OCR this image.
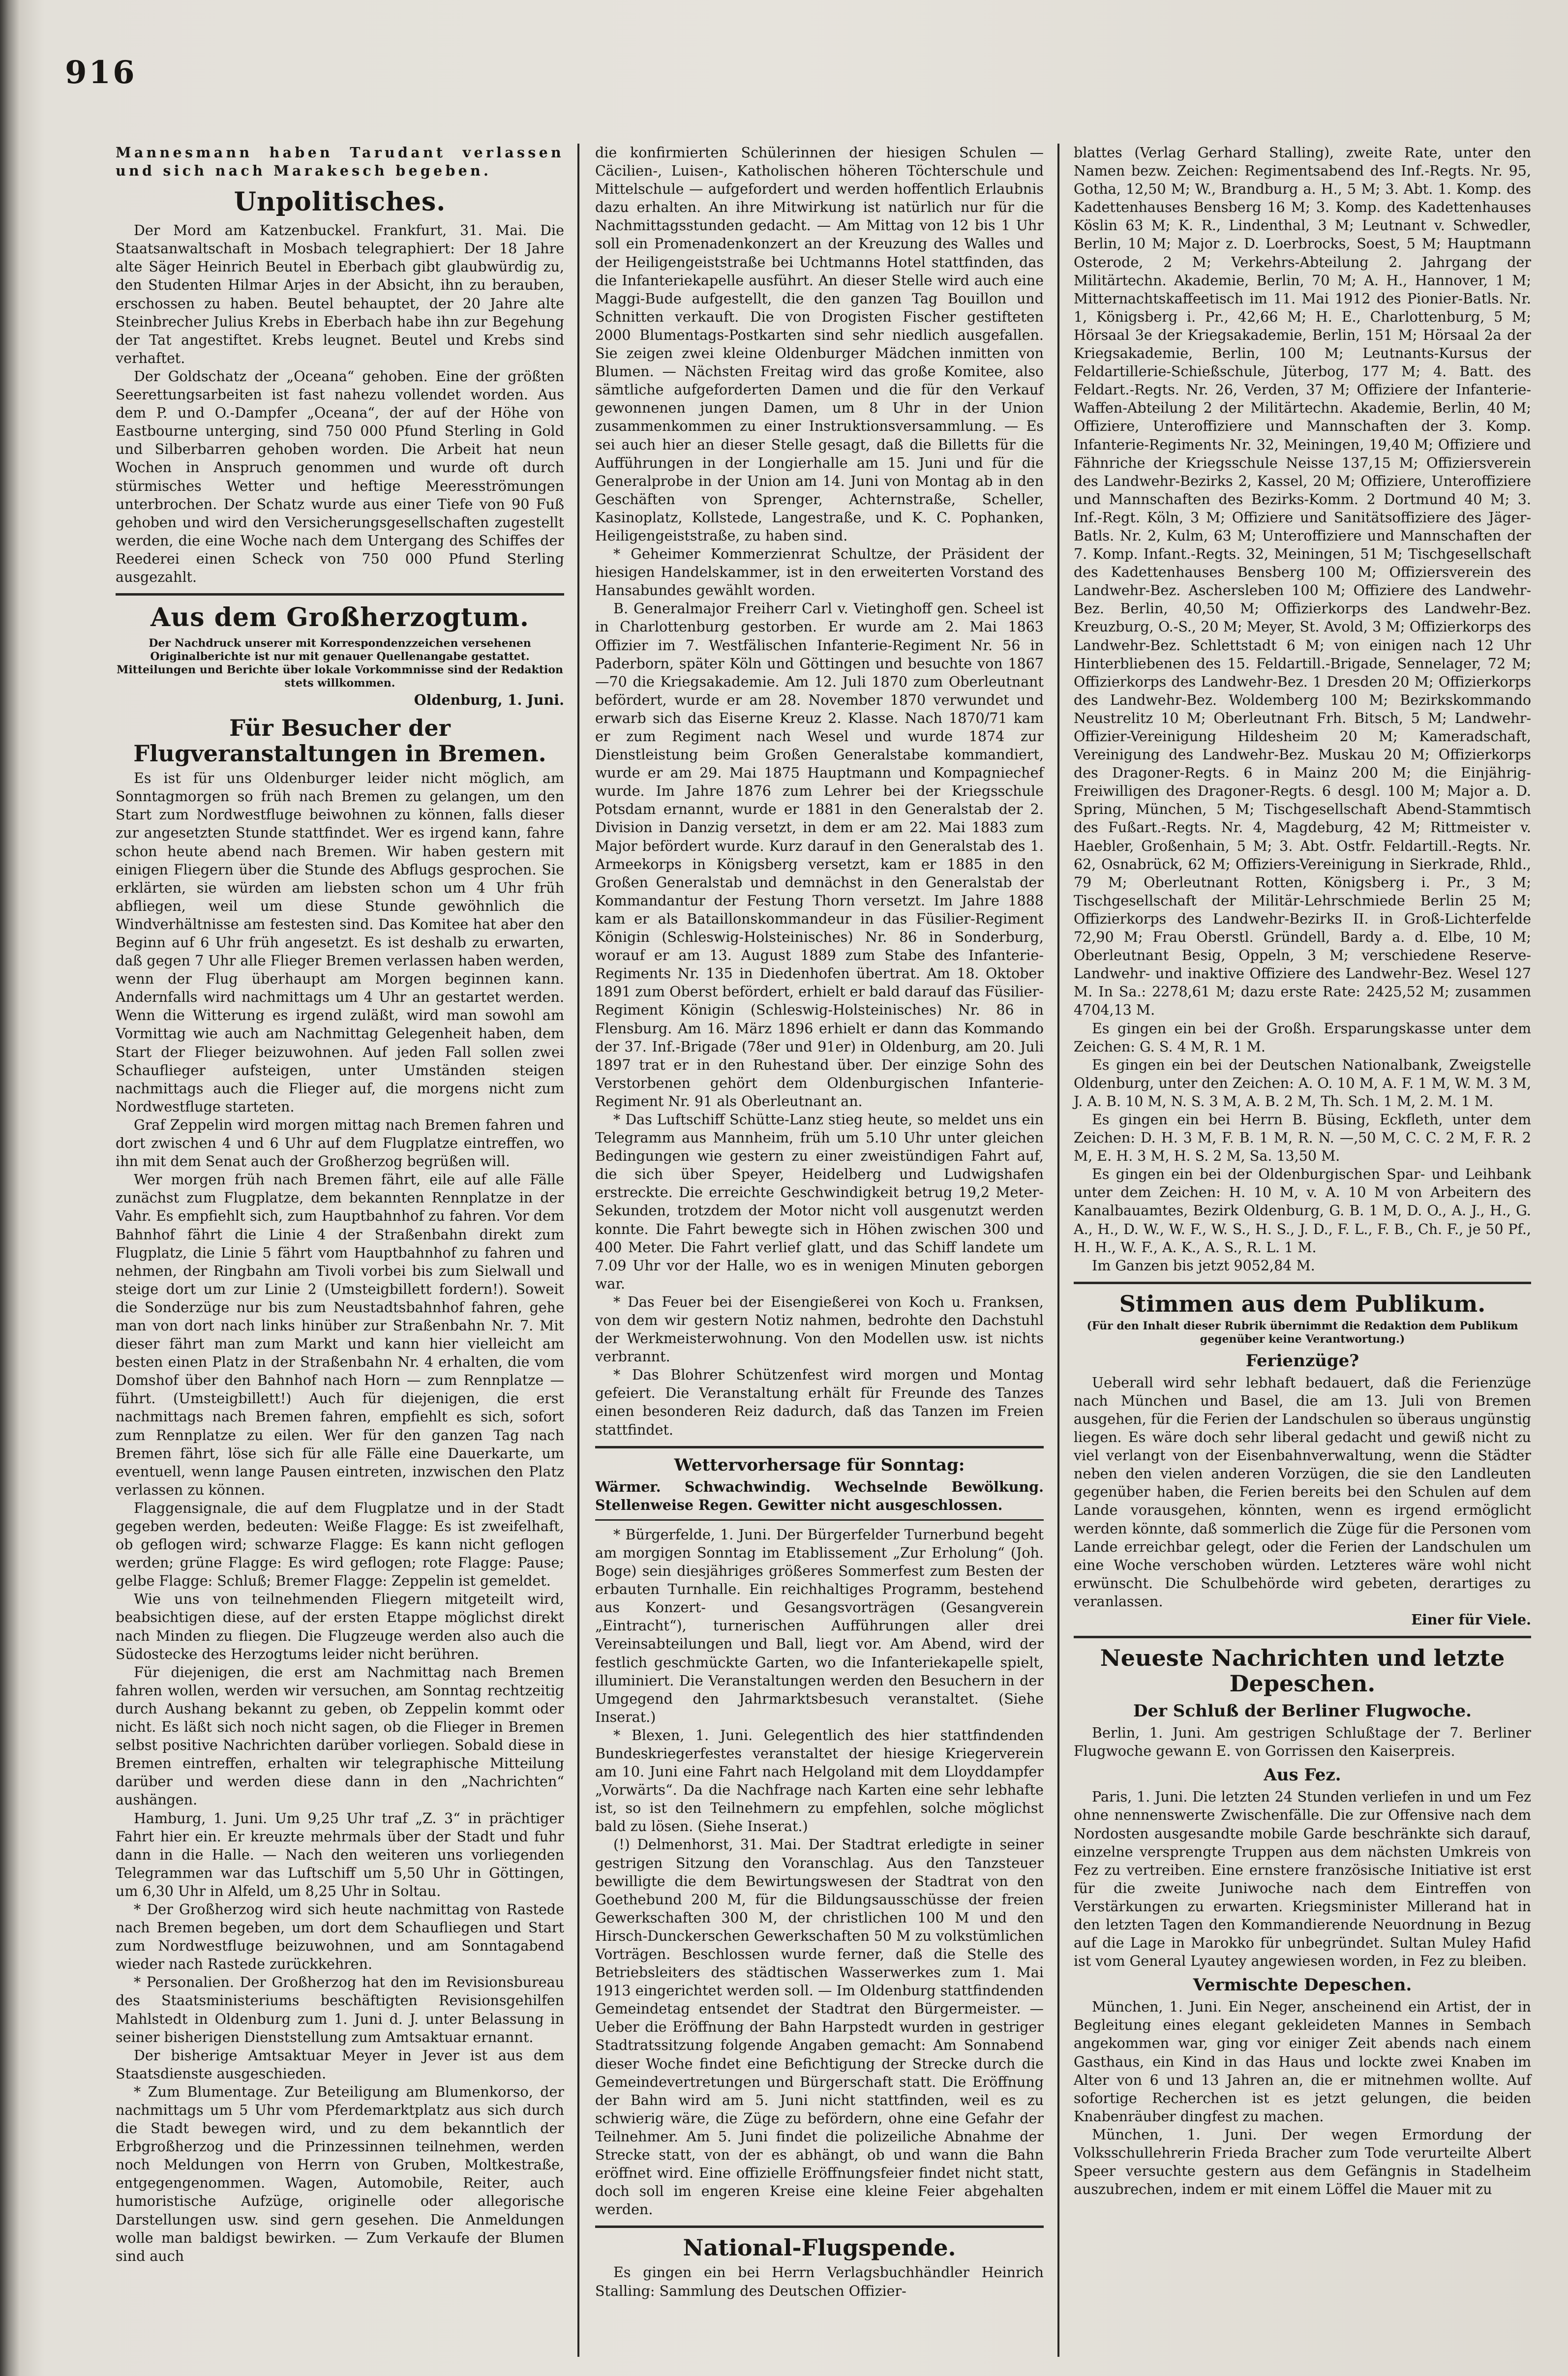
916

Mannesmann haben Tarudant verlassen und sich nach Marakesch begeben.

Unpolitisches.

Der Mord am Katzenbuckel. Frankfurt, 31. Mai. Die Staatsanwaltschaft in Mosbach telegraphiert: Der 18 Jahre alte Säger Heinrich Beutel in Eberbach gibt glaubwürdig zu, den Studenten Hilmar Arjes in der Absicht, ihn zu berauben, erschossen zu haben. Beutel behauptet, der 20 Jahre alte Steinbrecher Julius Krebs in Eberbach habe ihn zur Begehung der Tat angestiftet. Krebs leugnet. Beutel und Krebs sind verhaftet.

Der Goldschatz der „Oceana“ gehoben. Eine der größten Seerettungsarbeiten ist fast nahezu vollendet worden. Aus dem P. und O.-Dampfer „Oceana“, der auf der Höhe von Eastbourne unterging, sind 750 000 Pfund Sterling in Gold und Silberbarren gehoben worden. Die Arbeit hat neun Wochen in Anspruch genommen und wurde oft durch stürmisches Wetter und heftige Meeresströmungen unterbrochen. Der Schatz wurde aus einer Tiefe von 90 Fuß gehoben und wird den Versicherungsgesellschaften zugestellt werden, die eine Woche nach dem Untergang des Schiffes der Reederei einen Scheck von 750 000 Pfund Sterling ausgezahlt.

Aus dem Großherzogtum.

Der Nachdruck unserer mit Korrespondenzzeichen versehenen Originalberichte ist nur mit genauer Quellenangabe gestattet. Mitteilungen und Berichte über lokale Vorkommnisse sind der Redaktion stets willkommen.

Oldenburg, 1. Juni.

Für Besucher der Flugveranstaltungen in Bremen.

Es ist für uns Oldenburger leider nicht möglich, am Sonntagmorgen so früh nach Bremen zu gelangen, um den Start zum Nordwestfluge beiwohnen zu können, falls dieser zur angesetzten Stunde stattfindet. Wer es irgend kann, fahre schon heute abend nach Bremen. Wir haben gestern mit einigen Fliegern über die Stunde des Abflugs gesprochen. Sie erklärten, sie würden am liebsten schon um 4 Uhr früh abfliegen, weil um diese Stunde gewöhnlich die Windverhältnisse am festesten sind. Das Komitee hat aber den Beginn auf 6 Uhr früh angesetzt. Es ist deshalb zu erwarten, daß gegen 7 Uhr alle Flieger Bremen verlassen haben werden, wenn der Flug überhaupt am Morgen beginnen kann. Andernfalls wird nachmittags um 4 Uhr an gestartet werden. Wenn die Witterung es irgend zuläßt, wird man sowohl am Vormittag wie auch am Nachmittag Gelegenheit haben, dem Start der Flieger beizuwohnen. Auf jeden Fall sollen zwei Schauflieger aufsteigen, unter Umständen steigen nachmittags auch die Flieger auf, die morgens nicht zum Nordwestfluge starteten.

Graf Zeppelin wird morgen mittag nach Bremen fahren und dort zwischen 4 und 6 Uhr auf dem Flugplatze eintreffen, wo ihn mit dem Senat auch der Großherzog begrüßen will.

Wer morgen früh nach Bremen fährt, eile auf alle Fälle zunächst zum Flugplatze, dem bekannten Rennplatze in der Vahr. Es empfiehlt sich, zum Hauptbahnhof zu fahren. Vor dem Bahnhof fährt die Linie 4 der Straßenbahn direkt zum Flugplatz, die Linie 5 fährt vom Hauptbahnhof zu fahren und nehmen, der Ringbahn am Tivoli vorbei bis zum Sielwall und steige dort um zur Linie 2 (Umsteigbillett fordern!). Soweit die Sonderzüge nur bis zum Neustadtsbahnhof fahren, gehe man von dort nach links hinüber zur Straßenbahn Nr. 7. Mit dieser fährt man zum Markt und kann hier vielleicht am besten einen Platz in der Straßenbahn Nr. 4 erhalten, die vom Domshof über den Bahnhof nach Horn — zum Rennplatze — führt. (Umsteigbillett!) Auch für diejenigen, die erst nachmittags nach Bremen fahren, empfiehlt es sich, sofort zum Rennplatze zu eilen. Wer für den ganzen Tag nach Bremen fährt, löse sich für alle Fälle eine Dauerkarte, um eventuell, wenn lange Pausen eintreten, inzwischen den Platz verlassen zu können.

Flaggensignale, die auf dem Flugplatze und in der Stadt gegeben werden, bedeuten: Weiße Flagge: Es ist zweifelhaft, ob geflogen wird; schwarze Flagge: Es kann nicht geflogen werden; grüne Flagge: Es wird geflogen; rote Flagge: Pause; gelbe Flagge: Schluß; Bremer Flagge: Zeppelin ist gemeldet.

Wie uns von teilnehmenden Fliegern mitgeteilt wird, beabsichtigen diese, auf der ersten Etappe möglichst direkt nach Minden zu fliegen. Die Flugzeuge werden also auch die Südostecke des Herzogtums leider nicht berühren.

Für diejenigen, die erst am Nachmittag nach Bremen fahren wollen, werden wir versuchen, am Sonntag rechtzeitig durch Aushang bekannt zu geben, ob Zeppelin kommt oder nicht. Es läßt sich noch nicht sagen, ob die Flieger in Bremen selbst positive Nachrichten darüber vorliegen. Sobald diese in Bremen eintreffen, erhalten wir telegraphische Mitteilung darüber und werden diese dann in den „Nachrichten“ aushängen.

Hamburg, 1. Juni. Um 9,25 Uhr traf „Z. 3“ in prächtiger Fahrt hier ein. Er kreuzte mehrmals über der Stadt und fuhr dann in die Halle. — Nach den weiteren uns vorliegenden Telegrammen war das Luftschiff um 5,50 Uhr in Göttingen, um 6,30 Uhr in Alfeld, um 8,25 Uhr in Soltau.

* Der Großherzog wird sich heute nachmittag von Rastede nach Bremen begeben, um dort dem Schaufliegen und Start zum Nordwestfluge beizuwohnen, und am Sonntagabend wieder nach Rastede zurückkehren.

* Personalien. Der Großherzog hat den im Revisionsbureau des Staatsministeriums beschäftigten Revisionsgehilfen Mahlstedt in Oldenburg zum 1. Juni d. J. unter Belassung in seiner bisherigen Dienststellung zum Amtsaktuar ernannt.

Der bisherige Amtsaktuar Meyer in Jever ist aus dem Staatsdienste ausgeschieden.

* Zum Blumentage. Zur Beteiligung am Blumenkorso, der nachmittags um 5 Uhr vom Pferdemarktplatz aus sich durch die Stadt bewegen wird, und zu dem bekanntlich der Erbgroßherzog und die Prinzessinnen teilnehmen, werden noch Meldungen von Herrn von Gruben, Moltkestraße, entgegengenommen. Wagen, Automobile, Reiter, auch humoristische Aufzüge, originelle oder allegorische Darstellungen usw. sind gern gesehen. Die Anmeldungen wolle man baldigst bewirken. — Zum Verkaufe der Blumen sind auch

die konfirmierten Schülerinnen der hiesigen Schulen — Cäcilien-, Luisen-, Katholischen höheren Töchterschule und Mittelschule — aufgefordert und werden hoffentlich Erlaubnis dazu erhalten. An ihre Mitwirkung ist natürlich nur für die Nachmittagsstunden gedacht. — Am Mittag von 12 bis 1 Uhr soll ein Promenadenkonzert an der Kreuzung des Walles und der Heiligengeiststraße bei Uchtmanns Hotel stattfinden, das die Infanteriekapelle ausführt. An dieser Stelle wird auch eine Maggi-Bude aufgestellt, die den ganzen Tag Bouillon und Schnitten verkauft. Die von Drogisten Fischer gestifteten 2000 Blumentags-Postkarten sind sehr niedlich ausgefallen. Sie zeigen zwei kleine Oldenburger Mädchen inmitten von Blumen. — Nächsten Freitag wird das große Komitee, also sämtliche aufgeforderten Damen und die für den Verkauf gewonnenen jungen Damen, um 8 Uhr in der Union zusammenkommen zu einer Instruktionsversammlung. — Es sei auch hier an dieser Stelle gesagt, daß die Billetts für die Aufführungen in der Longierhalle am 15. Juni und für die Generalprobe in der Union am 14. Juni von Montag ab in den Geschäften von Sprenger, Achternstraße, Scheller, Kasinoplatz, Kollstede, Langestraße, und K. C. Pophanken, Heiligengeiststraße, zu haben sind.

* Geheimer Kommerzienrat Schultze, der Präsident der hiesigen Handelskammer, ist in den erweiterten Vorstand des Hansabundes gewählt worden.

B. Generalmajor Freiherr Carl v. Vietinghoff gen. Scheel ist in Charlottenburg gestorben. Er wurde am 2. Mai 1863 Offizier im 7. Westfälischen Infanterie-Regiment Nr. 56 in Paderborn, später Köln und Göttingen und besuchte von 1867—70 die Kriegsakademie. Am 12. Juli 1870 zum Oberleutnant befördert, wurde er am 28. November 1870 verwundet und erwarb sich das Eiserne Kreuz 2. Klasse. Nach 1870/71 kam er zum Regiment nach Wesel und wurde 1874 zur Dienstleistung beim Großen Generalstabe kommandiert, wurde er am 29. Mai 1875 Hauptmann und Kompagniechef wurde. Im Jahre 1876 zum Lehrer bei der Kriegsschule Potsdam ernannt, wurde er 1881 in den Generalstab der 2. Division in Danzig versetzt, in dem er am 22. Mai 1883 zum Major befördert wurde. Kurz darauf in den Generalstab des 1. Armeekorps in Königsberg versetzt, kam er 1885 in den Großen Generalstab und demnächst in den Generalstab der Kommandantur der Festung Thorn versetzt. Im Jahre 1888 kam er als Bataillonskommandeur in das Füsilier-Regiment Königin (Schleswig-Holsteinisches) Nr. 86 in Sonderburg, worauf er am 13. August 1889 zum Stabe des Infanterie-Regiments Nr. 135 in Diedenhofen übertrat. Am 18. Oktober 1891 zum Oberst befördert, erhielt er bald darauf das Füsilier-Regiment Königin (Schleswig-Holsteinisches) Nr. 86 in Flensburg. Am 16. März 1896 erhielt er dann das Kommando der 37. Inf.-Brigade (78er und 91er) in Oldenburg, am 20. Juli 1897 trat er in den Ruhestand über. Der einzige Sohn des Verstorbenen gehört dem Oldenburgischen Infanterie-Regiment Nr. 91 als Oberleutnant an.

* Das Luftschiff Schütte-Lanz stieg heute, so meldet uns ein Telegramm aus Mannheim, früh um 5.10 Uhr unter gleichen Bedingungen wie gestern zu einer zweistündigen Fahrt auf, die sich über Speyer, Heidelberg und Ludwigshafen erstreckte. Die erreichte Geschwindigkeit betrug 19,2 Meter-Sekunden, trotzdem der Motor nicht voll ausgenutzt werden konnte. Die Fahrt bewegte sich in Höhen zwischen 300 und 400 Meter. Die Fahrt verlief glatt, und das Schiff landete um 7.09 Uhr vor der Halle, wo es in wenigen Minuten geborgen war.

* Das Feuer bei der Eisengießerei von Koch u. Franksen, von dem wir gestern Notiz nahmen, bedrohte den Dachstuhl der Werkmeisterwohnung. Von den Modellen usw. ist nichts verbrannt.

* Das Blohrer Schützenfest wird morgen und Montag gefeiert. Die Veranstaltung erhält für Freunde des Tanzes einen besonderen Reiz dadurch, daß das Tanzen im Freien stattfindet.

Wettervorhersage für Sonntag:

Wärmer. Schwachwindig. Wechselnde Bewölkung. Stellenweise Regen. Gewitter nicht ausgeschlossen.

* Bürgerfelde, 1. Juni. Der Bürgerfelder Turnerbund begeht am morgigen Sonntag im Etablissement „Zur Erholung“ (Joh. Boge) sein diesjähriges größeres Sommerfest zum Besten der erbauten Turnhalle. Ein reichhaltiges Programm, bestehend aus Konzert- und Gesangsvorträgen (Gesangverein „Eintracht“), turnerischen Aufführungen aller drei Vereinsabteilungen und Ball, liegt vor. Am Abend, wird der festlich geschmückte Garten, wo die Infanteriekapelle spielt, illuminiert. Die Veranstaltungen werden den Besuchern in der Umgegend den Jahrmarktsbesuch veranstaltet. (Siehe Inserat.)

* Blexen, 1. Juni. Gelegentlich des hier stattfindenden Bundeskriegerfestes veranstaltet der hiesige Kriegerverein am 10. Juni eine Fahrt nach Helgoland mit dem Lloyddampfer „Vorwärts“. Da die Nachfrage nach Karten eine sehr lebhafte ist, so ist den Teilnehmern zu empfehlen, solche möglichst bald zu lösen. (Siehe Inserat.)

(!) Delmenhorst, 31. Mai. Der Stadtrat erledigte in seiner gestrigen Sitzung den Voranschlag. Aus den Tanzsteuer bewilligte die dem Bewirtungswesen der Stadtrat von den Goethebund 200 M, für die Bildungsausschüsse der freien Gewerkschaften 300 M, der christlichen 100 M und den Hirsch-Dunckerschen Gewerkschaften 50 M zu volkstümlichen Vorträgen. Beschlossen wurde ferner, daß die Stelle des Betriebsleiters des städtischen Wasserwerkes zum 1. Mai 1913 eingerichtet werden soll. — Im Oldenburg stattfindenden Gemeindetag entsendet der Stadtrat den Bürgermeister. — Ueber die Eröffnung der Bahn Harpstedt wurden in gestriger Stadtratssitzung folgende Angaben gemacht: Am Sonnabend dieser Woche findet eine Befichtigung der Strecke durch die Gemeindevertretungen und Bürgerschaft statt. Die Eröffnung der Bahn wird am 5. Juni nicht stattfinden, weil es zu schwierig wäre, die Züge zu befördern, ohne eine Gefahr der Teilnehmer. Am 5. Juni findet die polizeiliche Abnahme der Strecke statt, von der es abhängt, ob und wann die Bahn eröffnet wird. Eine offizielle Eröffnungsfeier findet nicht statt, doch soll im engeren Kreise eine kleine Feier abgehalten werden.

National-Flugspende.

Es gingen ein bei Herrn Verlagsbuchhändler Heinrich Stalling: Sammlung des Deutschen Offizier-

blattes (Verlag Gerhard Stalling), zweite Rate, unter den Namen bezw. Zeichen: Regimentsabend des Inf.-Regts. Nr. 95, Gotha, 12,50 M; W., Brandburg a. H., 5 M; 3. Abt. 1. Komp. des Kadettenhauses Bensberg 16 M; 3. Komp. des Kadettenhauses Köslin 63 M; K. R., Lindenthal, 3 M; Leutnant v. Schwedler, Berlin, 10 M; Major z. D. Loerbrocks, Soest, 5 M; Hauptmann Osterode, 2 M; Verkehrs-Abteilung 2. Jahrgang der Militärtechn. Akademie, Berlin, 70 M; A. H., Hannover, 1 M; Mitternachtskaffeetisch im 11. Mai 1912 des Pionier-Batls. Nr. 1, Königsberg i. Pr., 42,66 M; H. E., Charlottenburg, 5 M; Hörsaal 3e der Kriegsakademie, Berlin, 151 M; Hörsaal 2a der Kriegsakademie, Berlin, 100 M; Leutnants-Kursus der Feldartillerie-Schießschule, Jüterbog, 177 M; 4. Batt. des Feldart.-Regts. Nr. 26, Verden, 37 M; Offiziere der Infanterie-Waffen-Abteilung 2 der Militärtechn. Akademie, Berlin, 40 M; Offiziere, Unteroffiziere und Mannschaften der 3. Komp. Infanterie-Regiments Nr. 32, Meiningen, 19,40 M; Offiziere und Fähnriche der Kriegsschule Neisse 137,15 M; Offiziersverein des Landwehr-Bezirks 2, Kassel, 20 M; Offiziere, Unteroffiziere und Mannschaften des Bezirks-Komm. 2 Dortmund 40 M; 3. Inf.-Regt. Köln, 3 M; Offiziere und Sanitätsoffiziere des Jäger-Batls. Nr. 2, Kulm, 63 M; Unteroffiziere und Mannschaften der 7. Komp. Infant.-Regts. 32, Meiningen, 51 M; Tischgesellschaft des Kadettenhauses Bensberg 100 M; Offiziersverein des Landwehr-Bez. Aschersleben 100 M; Offiziere des Landwehr-Bez. Berlin, 40,50 M; Offizierkorps des Landwehr-Bez. Kreuzburg, O.-S., 20 M; Meyer, St. Avold, 3 M; Offizierkorps des Landwehr-Bez. Schlettstadt 6 M; von einigen nach 12 Uhr Hinterbliebenen des 15. Feldartill.-Brigade, Sennelager, 72 M; Offizierkorps des Landwehr-Bez. 1 Dresden 20 M; Offizierkorps des Landwehr-Bez. Woldemberg 100 M; Bezirkskommando Neustrelitz 10 M; Oberleutnant Frh. Bitsch, 5 M; Landwehr-Offizier-Vereinigung Hildesheim 20 M; Kameradschaft, Vereinigung des Landwehr-Bez. Muskau 20 M; Offizierkorps des Dragoner-Regts. 6 in Mainz 200 M; die Einjährig-Freiwilligen des Dragoner-Regts. 6 desgl. 100 M; Major a. D. Spring, München, 5 M; Tischgesellschaft Abend-Stammtisch des Fußart.-Regts. Nr. 4, Magdeburg, 42 M; Rittmeister v. Haebler, Großenhain, 5 M; 3. Abt. Ostfr. Feldartill.-Regts. Nr. 62, Osnabrück, 62 M; Offiziers-Vereinigung in Sierkrade, Rhld., 79 M; Oberleutnant Rotten, Königsberg i. Pr., 3 M; Tischgesellschaft der Militär-Lehrschmiede Berlin 25 M; Offizierkorps des Landwehr-Bezirks II. in Groß-Lichterfelde 72,90 M; Frau Oberstl. Gründell, Bardy a. d. Elbe, 10 M; Oberleutnant Besig, Oppeln, 3 M; verschiedene Reserve-Landwehr- und inaktive Offiziere des Landwehr-Bez. Wesel 127 M. In Sa.: 2278,61 M; dazu erste Rate: 2425,52 M; zusammen 4704,13 M.

Es gingen ein bei der Großh. Ersparungskasse unter dem Zeichen: G. S. 4 M, R. 1 M.

Es gingen ein bei der Deutschen Nationalbank, Zweigstelle Oldenburg, unter den Zeichen: A. O. 10 M, A. F. 1 M, W. M. 3 M, J. A. B. 10 M, N. S. 3 M, A. B. 2 M, Th. Sch. 1 M, 2. M. 1 M.

Es gingen ein bei Herrn B. Büsing, Eckfleth, unter dem Zeichen: D. H. 3 M, F. B. 1 M, R. N. —,50 M, C. C. 2 M, F. R. 2 M, E. H. 3 M, H. S. 2 M, Sa. 13,50 M.

Es gingen ein bei der Oldenburgischen Spar- und Leihbank unter dem Zeichen: H. 10 M, v. A. 10 M von Arbeitern des Kanalbauamtes, Bezirk Oldenburg, G. B. 1 M, D. O., A. J., H., G. A., H., D. W., W. F., W. S., H. S., J. D., F. L., F. B., Ch. F., je 50 Pf., H. H., W. F., A. K., A. S., R. L. 1 M.

Im Ganzen bis jetzt 9052,84 M.

Stimmen aus dem Publikum.

(Für den Inhalt dieser Rubrik übernimmt die Redaktion dem Publikum gegenüber keine Verantwortung.)

Ferienzüge?

Ueberall wird sehr lebhaft bedauert, daß die Ferienzüge nach München und Basel, die am 13. Juli von Bremen ausgehen, für die Ferien der Landschulen so überaus ungünstig liegen. Es wäre doch sehr liberal gedacht und gewiß nicht zu viel verlangt von der Eisenbahnverwaltung, wenn die Städter neben den vielen anderen Vorzügen, die sie den Landleuten gegenüber haben, die Ferien bereits bei den Schulen auf dem Lande vorausgehen, könnten, wenn es irgend ermöglicht werden könnte, daß sommerlich die Züge für die Personen vom Lande erreichbar gelegt, oder die Ferien der Landschulen um eine Woche verschoben würden. Letzteres wäre wohl nicht erwünscht. Die Schulbehörde wird gebeten, derartiges zu veranlassen.

Einer für Viele.

Neueste Nachrichten und letzte Depeschen.
Der Schluß der Berliner Flugwoche.

Berlin, 1. Juni. Am gestrigen Schlußtage der 7. Berliner Flugwoche gewann E. von Gorrissen den Kaiserpreis.

Aus Fez.

Paris, 1. Juni. Die letzten 24 Stunden verliefen in und um Fez ohne nennenswerte Zwischenfälle. Die zur Offensive nach dem Nordosten ausgesandte mobile Garde beschränkte sich darauf, einzelne versprengte Truppen aus dem nächsten Umkreis von Fez zu vertreiben. Eine ernstere französische Initiative ist erst für die zweite Juniwoche nach dem Eintreffen von Verstärkungen zu erwarten. Kriegsminister Millerand hat in den letzten Tagen den Kommandierende Neuordnung in Bezug auf die Lage in Marokko für unbegründet. Sultan Muley Hafid ist vom General Lyautey angewiesen worden, in Fez zu bleiben.

Vermischte Depeschen.

München, 1. Juni. Ein Neger, anscheinend ein Artist, der in Begleitung eines elegant gekleideten Mannes in Sembach angekommen war, ging vor einiger Zeit abends nach einem Gasthaus, ein Kind in das Haus und lockte zwei Knaben im Alter von 6 und 13 Jahren an, die er mitnehmen wollte. Auf sofortige Recherchen ist es jetzt gelungen, die beiden Knabenräuber dingfest zu machen.

München, 1. Juni. Der wegen Ermordung der Volksschullehrerin Frieda Bracher zum Tode verurteilte Albert Speer versuchte gestern aus dem Gefängnis in Stadelheim auszubrechen, indem er mit einem Löffel die Mauer mit zu
